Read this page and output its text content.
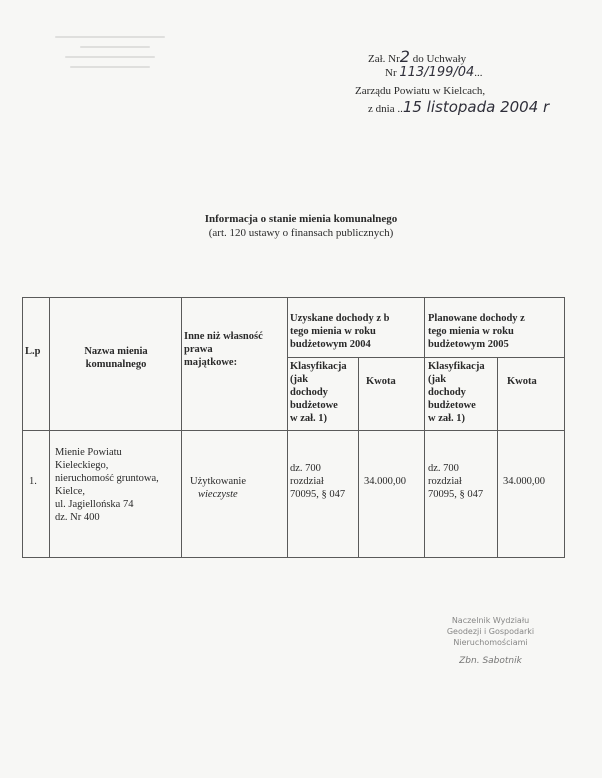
Zał. Nr2 do Uchwały
Nr 113/199/04...
Zarządu Powiatu w Kielcach,
z dnia ..15 listopada 2004 r
Informacja o stanie mienia komunalnego
(art. 120 ustawy o finansach publicznych)
L.p	Nazwa mienia
komunalnego
Inne niż własność
prawa
majątkowe:
Uzyskane dochody z b
tego mienia w roku
budżetowym 2004
Planowane dochody z
tego mienia w roku
budżetowym 2005
Klasyfikacja
(jak
dochody
budżetowe
w zał. 1)
Kwota
Klasyfikacja
(jak
dochody
budżetowe
w zał. 1)
Kwota
1.
Mienie Powiatu
Kieleckiego,
nieruchomość gruntowa,
Kielce,
ul. Jagiellońska 74
dz. Nr 400
Użytkowanie
wieczyste
dz. 700
rozdział
70095, § 047
34.000,00
dz. 700
rozdział
70095, § 047
34.000,00
Naczelnik Wydziału
Geodezji i Gospodarki
Nieruchomościami
Zbn. Sabotnik
